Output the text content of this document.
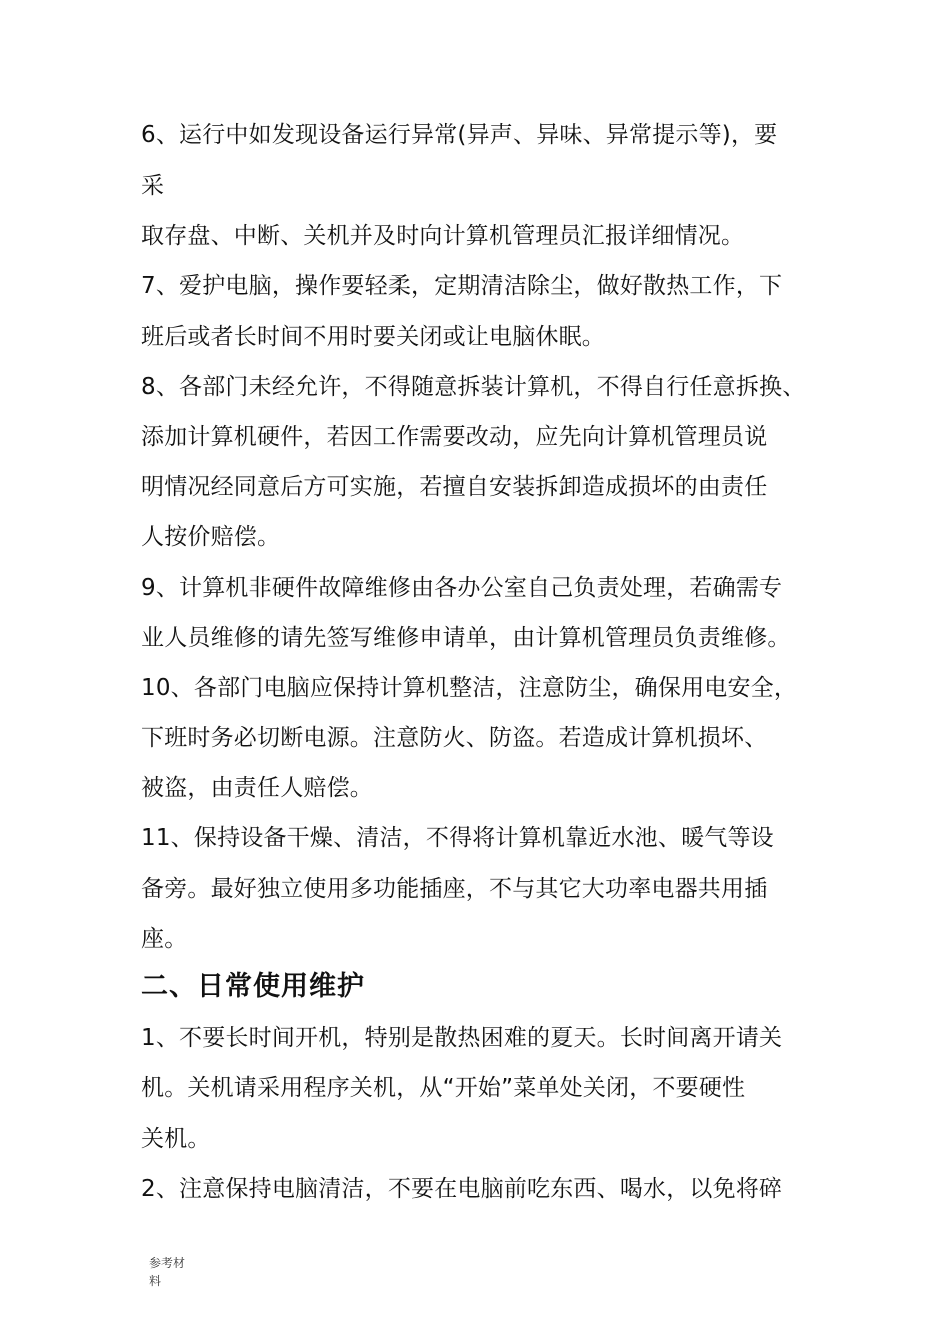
6、运行中如发现设备运行异常(异声、异味、异常提示等)，要
采
取存盘、中断、关机并及时向计算机管理员汇报详细情况。
7、爱护电脑，操作要轻柔，定期清洁除尘，做好散热工作，下
班后或者长时间不用时要关闭或让电脑休眠。
8、各部门未经允许，不得随意拆装计算机，不得自行任意拆换、
添加计算机硬件，若因工作需要改动，应先向计算机管理员说
明情况经同意后方可实施，若擅自安装拆卸造成损坏的由责任
人按价赔偿。
9、计算机非硬件故障维修由各办公室自己负责处理，若确需专
业人员维修的请先签写维修申请单，由计算机管理员负责维修。
10、各部门电脑应保持计算机整洁，注意防尘，确保用电安全，
下班时务必切断电源。注意防火、防盗。若造成计算机损坏、
被盗，由责任人赔偿。
11、保持设备干燥、清洁，不得将计算机靠近水池、暖气等设
备旁。最好独立使用多功能插座，不与其它大功率电器共用插
座。
二、日常使用维护
1、不要长时间开机，特别是散热困难的夏天。长时间离开请关
机。关机请采用程序关机，从“开始”菜单处关闭，不要硬性
关机。
2、注意保持电脑清洁，不要在电脑前吃东西、喝水，以免将碎
参考材
料
